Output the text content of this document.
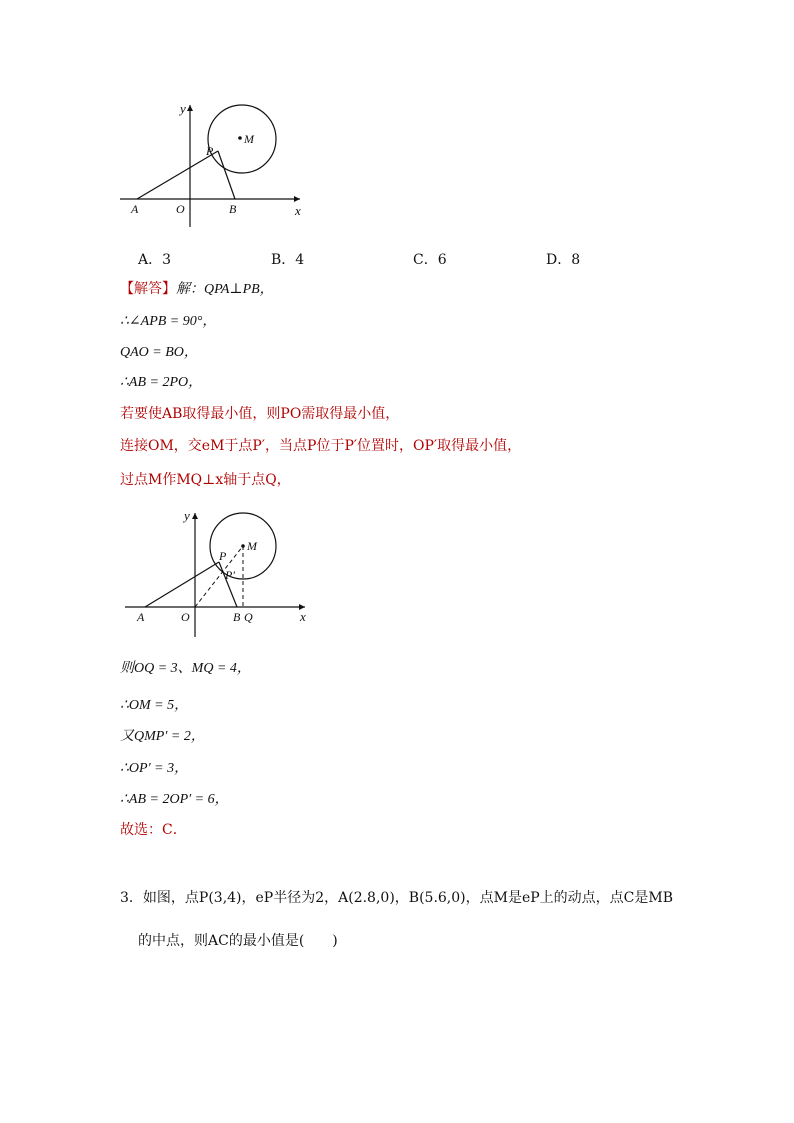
y
x
M
P
A	O	B
A．3	B．4	C．6	D．8
【解答】解：QPA⊥PB，
∴∠APB = 90°，
QAO = BO，
∴AB = 2PO，
若要使AB取得最小值，则PO需取得最小值，
连接OM，交eM于点P′，当点P位于P′位置时，OP′取得最小值，
过点M作MQ⊥x轴于点Q，
y
x
M
P
P′
A	O	B Q
则OQ = 3、MQ = 4，
∴OM = 5，
又QMP′ = 2，
∴OP′ = 3，
∴AB = 2OP′ = 6，
故选：C．
3．如图，点P(3,4)，eP半径为2，A(2.8,0)，B(5.6,0)，点M是eP上的动点，点C是MB
的中点，则AC的最小值是(　　)
